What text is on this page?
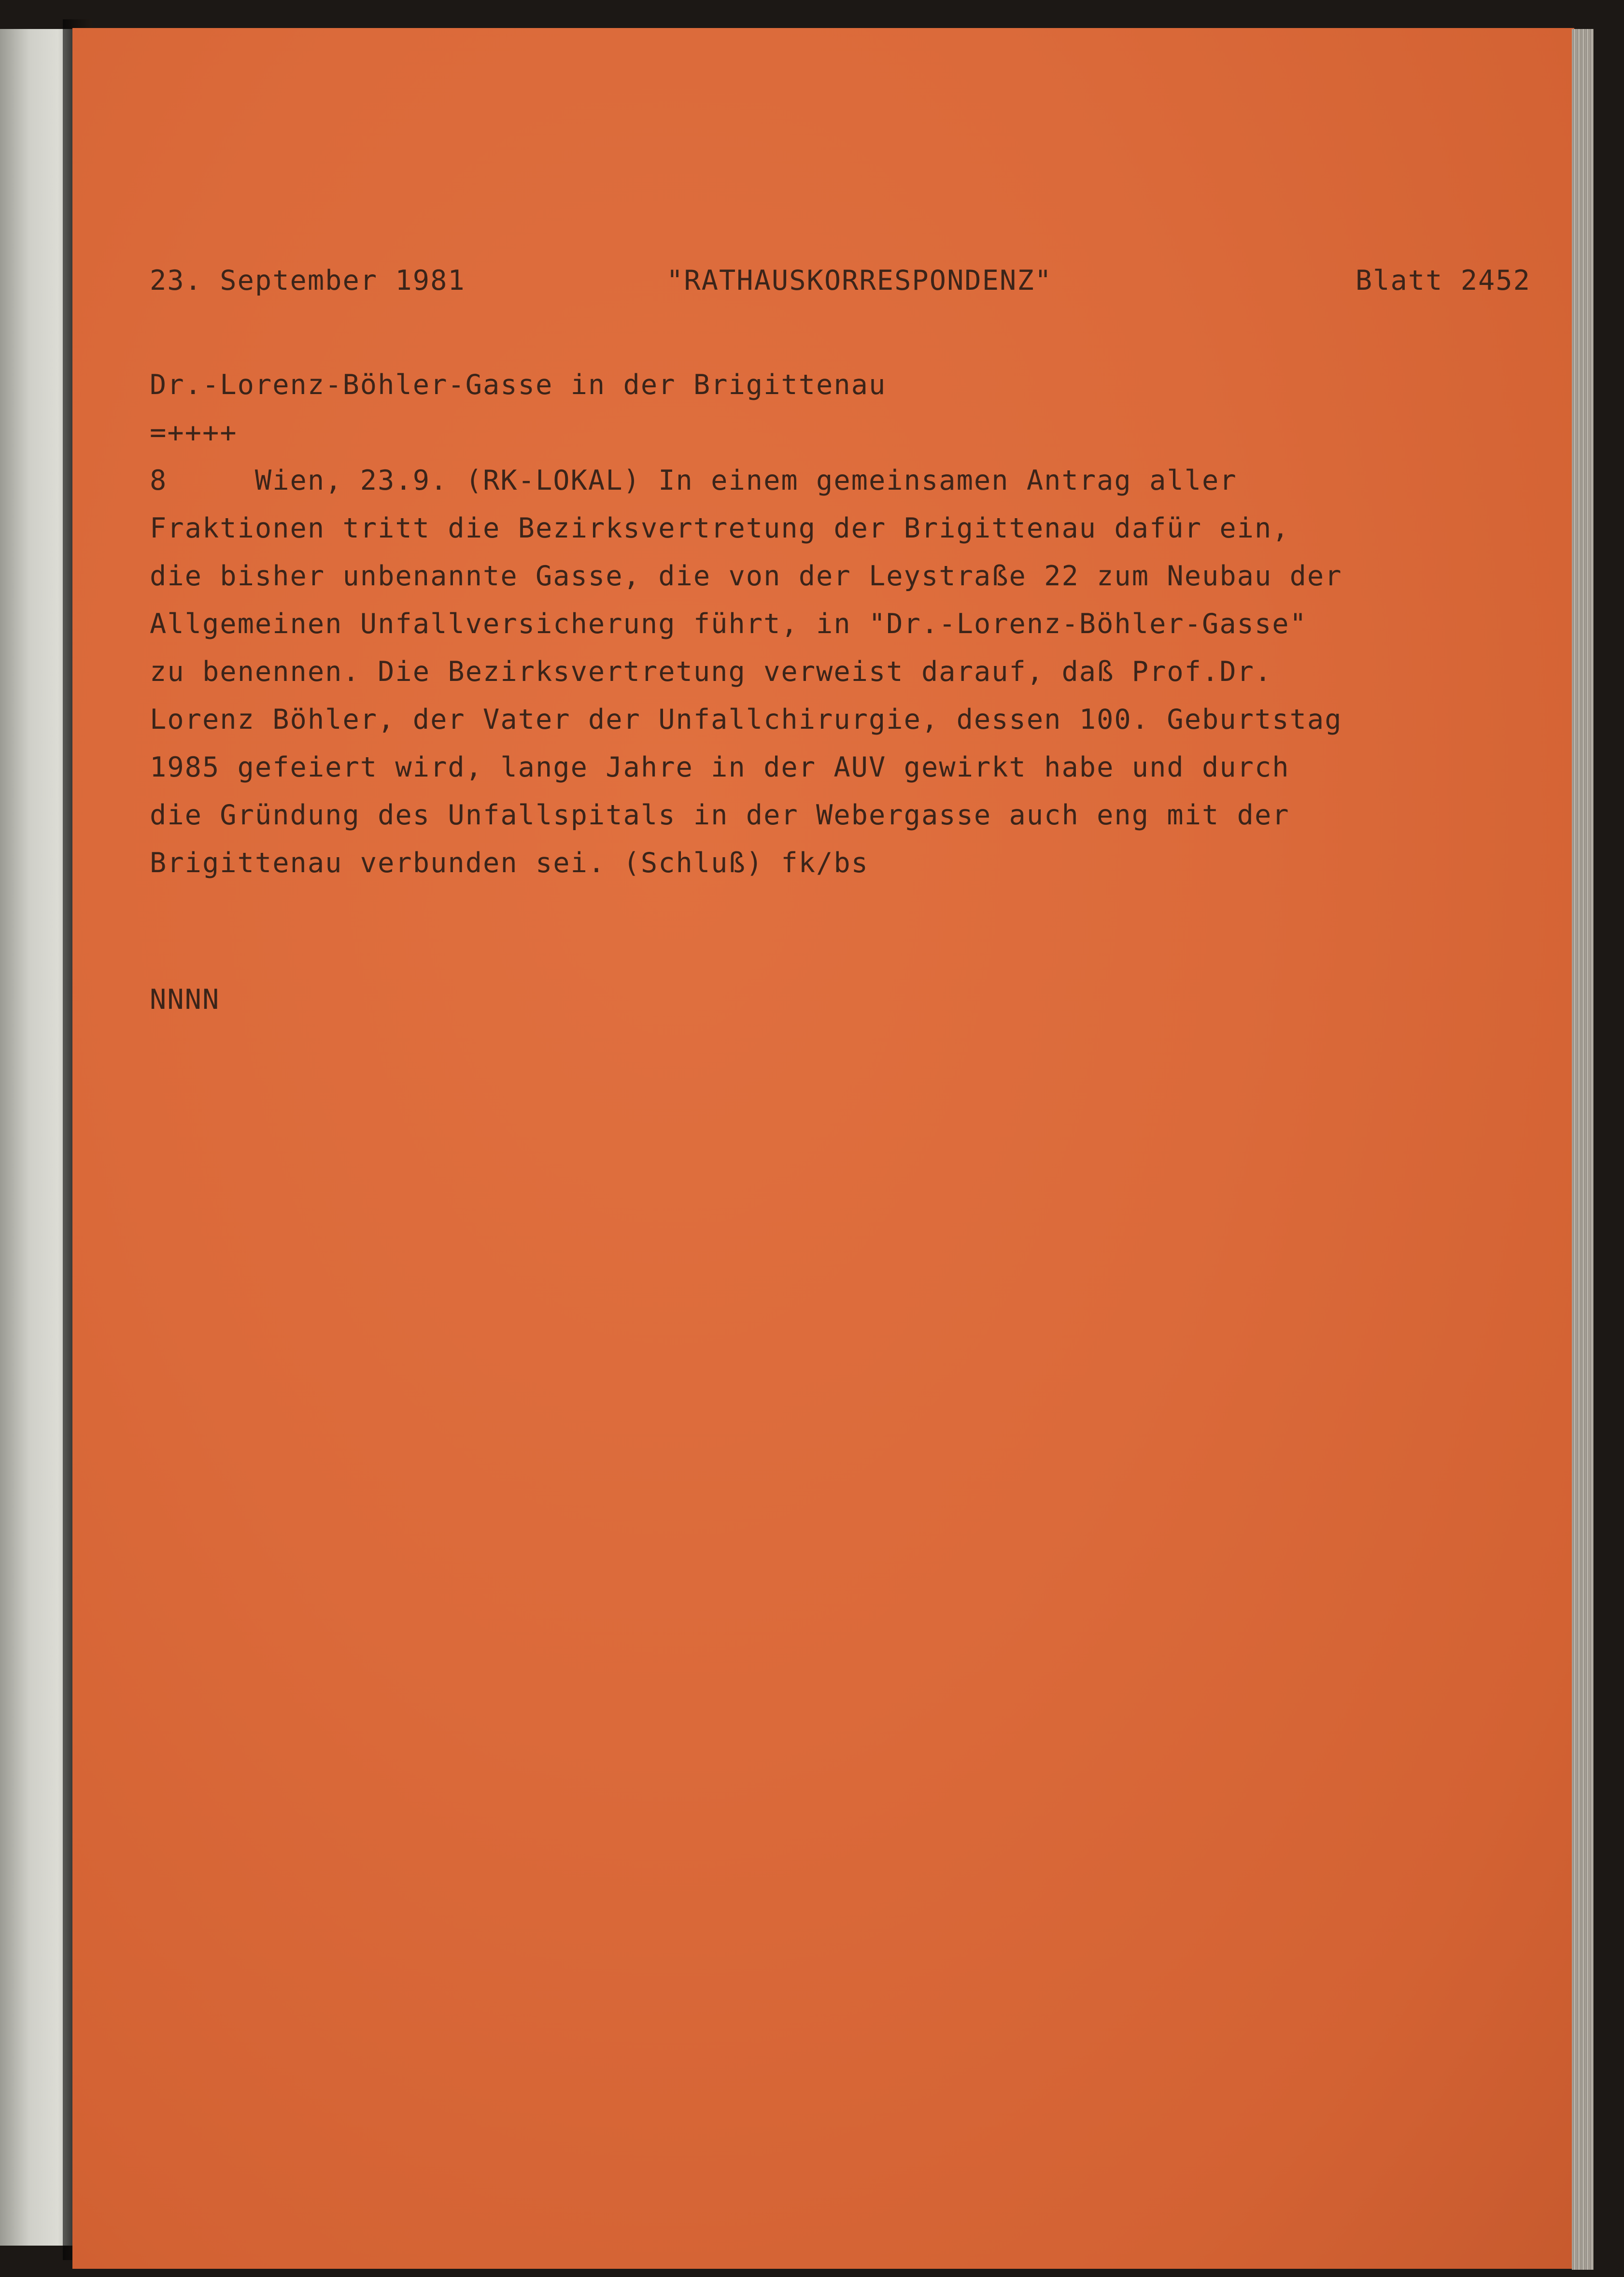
23. September 1981

	"RATHAUSKORRESPONDENZ"

	Blatt 2452

Dr.-Lorenz-Böhler-Gasse in der Brigittenau
=++++
8     Wien, 23.9. (RK-LOKAL) In einem gemeinsamen Antrag aller
Fraktionen tritt die Bezirksvertretung der Brigittenau dafür ein,
die bisher unbenannte Gasse, die von der Leystraße 22 zum Neubau der
Allgemeinen Unfallversicherung führt, in "Dr.-Lorenz-Böhler-Gasse"
zu benennen. Die Bezirksvertretung verweist darauf, daß Prof.Dr.
Lorenz Böhler, der Vater der Unfallchirurgie, dessen 100. Geburtstag
1985 gefeiert wird, lange Jahre in der AUV gewirkt habe und durch
die Gründung des Unfallspitals in der Webergasse auch eng mit der
Brigittenau verbunden sei. (Schluß) fk/bs
NNNN
